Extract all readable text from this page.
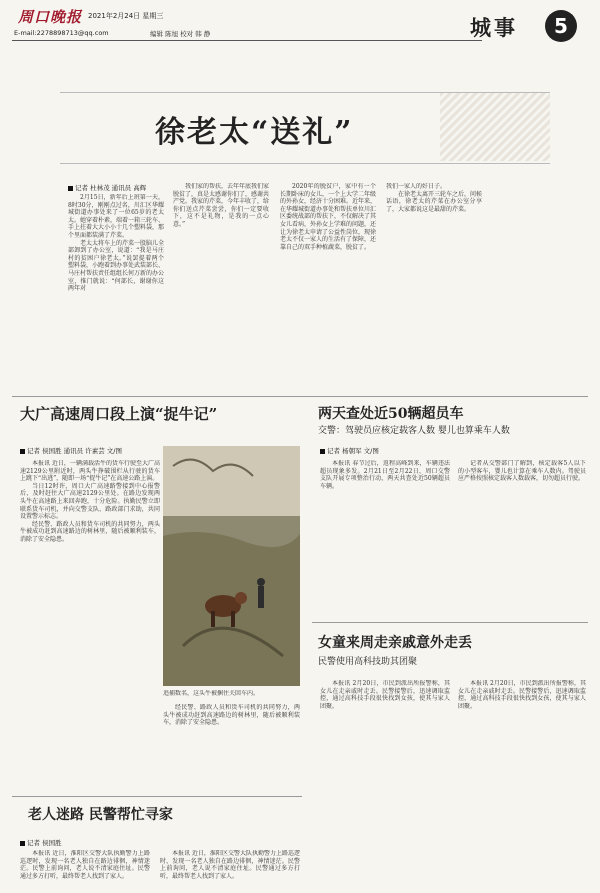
周口晚报 2021年2月24日 星期三
E-mail:2278898713@qq.com	编辑 陈旭 校对 韩 静	城事	5
徐老太“送礼”
记者 杜林茂 通讯员 高辉

2月15日，新年后上班第一天，8时30分，刚刚点过名，川汇区华耀城街道办事处来了一位65岁的老太太。她穿着朴素，端着一箱三轮车、手上拄着大大小小十几个塑料袋，那个里面都装满了芹菜。

老太太将车上的芹菜一股脑儿全部卸到了办公室，说道：“我是马庄村的贫困户徐老太。”说罢提着两个塑料袋，小跑着到办事处武装部长、马庄村帮扶责任组组长何万新的办公室，推门就说：“何部长，谢谢你这两年对

我们家的帮扶，去年年底我们家脱贫了，真是太感谢你们了，感谢共产党。我家的芹菜，今年丰收了，给你们送点芹菜尝尝，你们一定要收下，这不是礼物，是我的一点心意。”

2020年的脱贫户，家中有一个长期卧床的女儿，一个上大学二年级的外孙女，经济十分困难。近年来，在华耀城街道办事处和帮扶单位川汇区委统战部的帮扶下，不仅解决了其女儿看病，外孙女上学难的问题，还让为徐老太申请了公益性岗位，现徐老太不仅一家人的生活有了保障，还靠自己的双手种植蔬菜，脱贫了。

我们一家人的好日子。

在徐老太离开三轮车之后，问候话语，徐老太的芹菜在办公室分享了，大家都说这是最甜的芹菜。

大广高速周口段上演“捉牛记”
记者 侯国胜 通讯员 许素芸 文/图

本报讯 近日，一辆满载活牛的货车行驶至大广高速2129公里附近时，两头牛挣破围栏从行驶的货车上跳下“出逃”，随即一场“捉牛记”在高速公路上演。

当日12时许，周口大广高速路警接到中心报警后，及时赶往大广高速2129公里处。在路边发现两头牛在高速路上来回奔跑，十分危险。执勤民警立即联系货车司机，并向交警支队、路政部门求助，共同设置警示标志。

经民警、路政人员和货车司机的共同努力，两头牛被成功赶到高速路边的树林里，随后被顺利装车，消除了安全隐患。

追捕数名，这头牛被捆住关回车内。

经民警、路政人员和货车司机的共同努力，两头牛被成功赶到高速路边的树林里，随后被顺利装车，消除了安全隐患。

两天查处近50辆超员车
交警：驾驶员应核定载客人数 婴儿也算乘车人数
记者 杨朝军 文/图

本报讯 春节过后，返程高峰到来，车辆违法超员现象多发。2月21日至2月22日，周口交警支队开展专项整治行动，两天共查处近50辆超员车辆。

记者从交警部门了解到，核定载客5人以下的小型客车，婴儿也计算在乘车人数内。驾驶员应严格按照核定载客人数载客，切勿超员行驶。

女童来周走亲戚意外走丢
民警使用高科技助其团聚

本报讯 2月20日，市民到派出所报警称，其女儿在走亲戚时走丢。民警接警后，迅速调取监控，通过高科技手段很快找到女孩，使其与家人团聚。

本报讯 2月20日，市民到派出所报警称，其女儿在走亲戚时走丢。民警接警后，迅速调取监控，通过高科技手段很快找到女孩，使其与家人团聚。

老人迷路 民警帮忙寻家
记者 侯国胜

本报讯 近日，淮阳区交警大队执勤警力上路巡逻时，发现一名老人独自在路边徘徊，神情迷茫。民警上前询问，老人说不清家庭住址。民警通过多方打听，最终帮老人找到了家人。

本报讯 近日，淮阳区交警大队执勤警力上路巡逻时，发现一名老人独自在路边徘徊，神情迷茫。民警上前询问，老人说不清家庭住址。民警通过多方打听，最终帮老人找到了家人。
